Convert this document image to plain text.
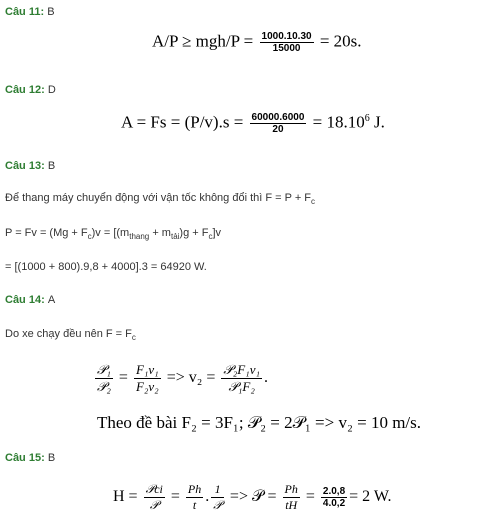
Câu 11: B
$A/P \ge mgh/P = \frac{1000.10.30}{15000} = 20s$.
Câu 12: D
$A = Fs = (P/v).s = \frac{60000.6000}{20} = 18.10^6$ J.
Câu 13: B
Để thang máy chuyển động với vận tốc không đổi thì $F = P + F_c$
$P = Fv = (Mg + F_c)v = [(m_{thang} + m_{tải})g + F_c]v$
= [(1000 + 800).9,8 + 4000].3 = 64920 W.
Câu 14: A
Do xe chạy đều nên $F = F_c$
$\frac{\text{𝒫₁}}{\text{𝒫₂}} = \frac{\text{F₁v₁}}{\text{F₂v₂}} => v_2 = \frac{\text{𝒫₂F₁v₁}}{\text{𝒫₁F₂}}$ .
Theo đề bài F₂ = 3F₁; 𝒫₂ = 2𝒫₁ => v₂ = 10 m/s.
Câu 15: B
$H = \frac{\text{𝒫ci}}{\text{𝒫}} = \frac{Ph}{t}$ . $\frac{1}{\text{𝒫}}$ => 𝒫 = $\frac{Ph}{tH} = \frac{2.0,8}{4.0,2} = 2$ W.
